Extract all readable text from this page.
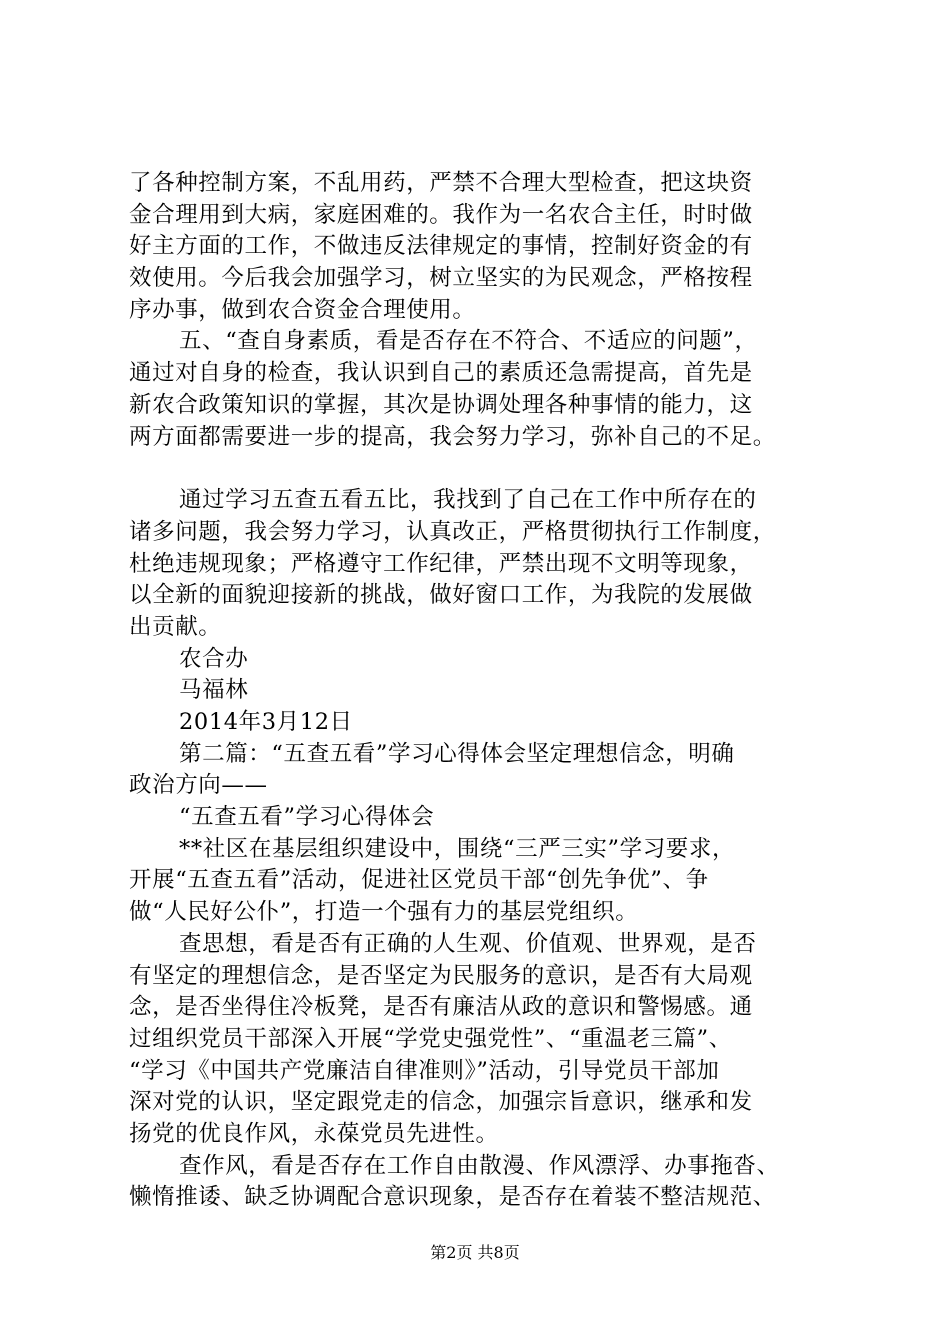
了各种控制方案，不乱用药，严禁不合理大型检查，把这块资
金合理用到大病，家庭困难的。我作为一名农合主任，时时做
好主方面的工作，不做违反法律规定的事情，控制好资金的有
效使用。今后我会加强学习，树立坚实的为民观念，严格按程
序办事，做到农合资金合理使用。
五、“查自身素质，看是否存在不符合、不适应的问题”，
通过对自身的检查，我认识到自己的素质还急需提高，首先是
新农合政策知识的掌握，其次是协调处理各种事情的能力，这
两方面都需要进一步的提高，我会努力学习，弥补自己的不足。
通过学习五查五看五比，我找到了自己在工作中所存在的
诸多问题，我会努力学习，认真改正，严格贯彻执行工作制度，
杜绝违规现象；严格遵守工作纪律，严禁出现不文明等现象，
以全新的面貌迎接新的挑战，做好窗口工作，为我院的发展做
出贡献。
农合办
马福林
2014年3月12日
第二篇：“五查五看”学习心得体会坚定理想信念，明确
政治方向——
“五查五看”学习心得体会
**社区在基层组织建设中，围绕“三严三实”学习要求，
开展“五查五看”活动，促进社区党员干部“创先争优”、争
做“人民好公仆”，打造一个强有力的基层党组织。
查思想，看是否有正确的人生观、价值观、世界观，是否
有坚定的理想信念，是否坚定为民服务的意识，是否有大局观
念，是否坐得住冷板凳，是否有廉洁从政的意识和警惕感。通
过组织党员干部深入开展“学党史强党性”、“重温老三篇”、
“学习《中国共产党廉洁自律准则》”活动，引导党员干部加
深对党的认识，坚定跟党走的信念，加强宗旨意识，继承和发
扬党的优良作风，永葆党员先进性。
查作风，看是否存在工作自由散漫、作风漂浮、办事拖沓、
懒惰推诿、缺乏协调配合意识现象，是否存在着装不整洁规范、
第2页 共8页
